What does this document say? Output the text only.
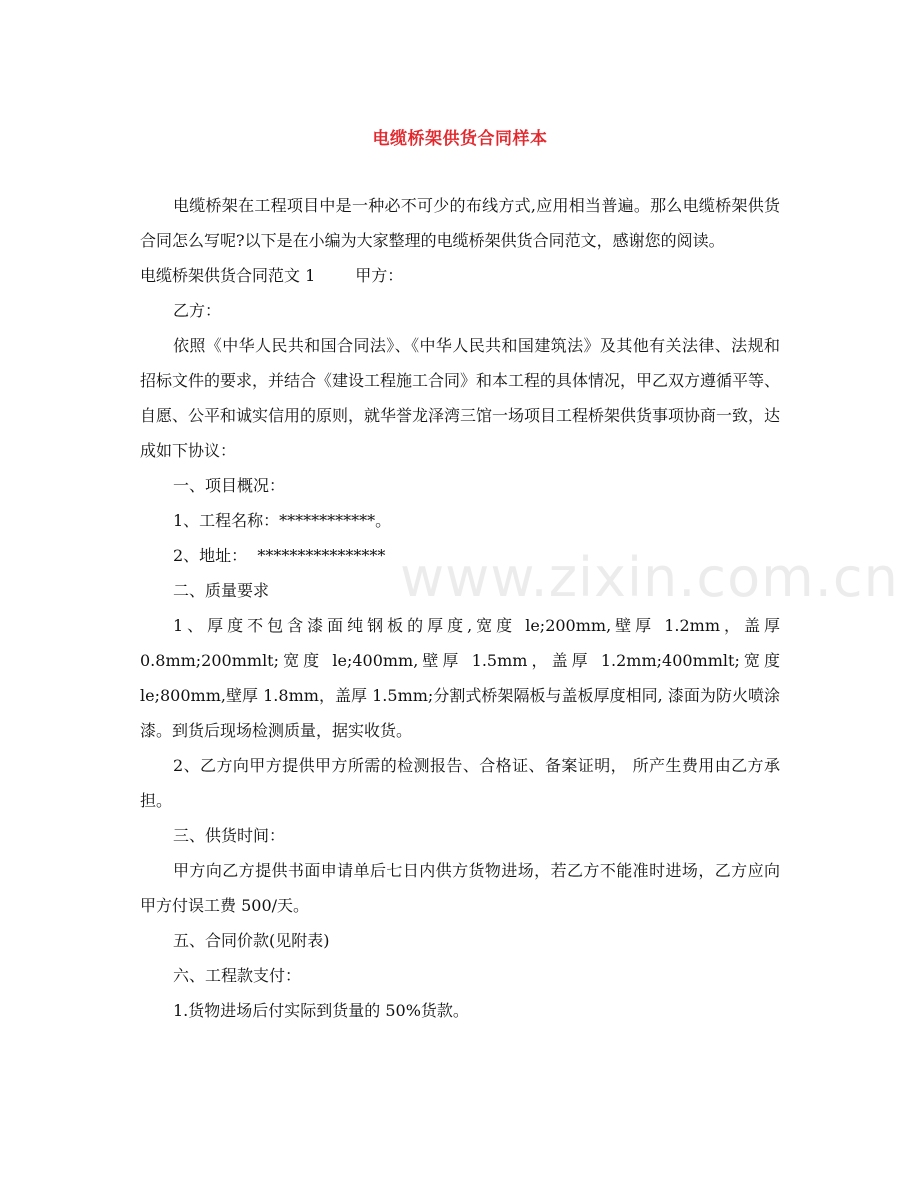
电缆桥架供货合同样本
www.zixin.com.cn

电缆桥架在工程项目中是一种必不可少的布线方式,应用相当普遍。那么电缆桥架供货合同怎么写呢?以下是在小编为大家整理的电缆桥架供货合同范文，感谢您的阅读。

电缆桥架供货合同范文 1	甲方：

乙方：

依照《中华人民共和国合同法》、《中华人民共和国建筑法》及其他有关法律、法规和招标文件的要求，并结合《建设工程施工合同》和本工程的具体情况，甲乙双方遵循平等、自愿、公平和诚实信用的原则，就华誉龙泽湾三馆一场项目工程桥架供货事项协商一致，达成如下协议：

一、项目概况：

1、工程名称：************。

2、地址：  ****************

二、质量要求

1、厚度不包含漆面纯钢板的厚度,宽度 le;200mm,壁厚 1.2mm，盖厚 0.8mm;200mmlt;宽度 le;400mm,壁厚 1.5mm，盖厚 1.2mm;400mmlt;宽度 le;800mm,壁厚 1.8mm，盖厚 1.5mm;分割式桥架隔板与盖板厚度相同, 漆面为防火喷涂漆。到货后现场检测质量，据实收货。

2、乙方向甲方提供甲方所需的检测报告、合格证、备案证明， 所产生费用由乙方承担。

三、供货时间：

甲方向乙方提供书面申请单后七日内供方货物进场，若乙方不能准时进场，乙方应向甲方付误工费 500/天。

五、合同价款(见附表)

六、工程款支付：

1.货物进场后付实际到货量的 50%货款。
